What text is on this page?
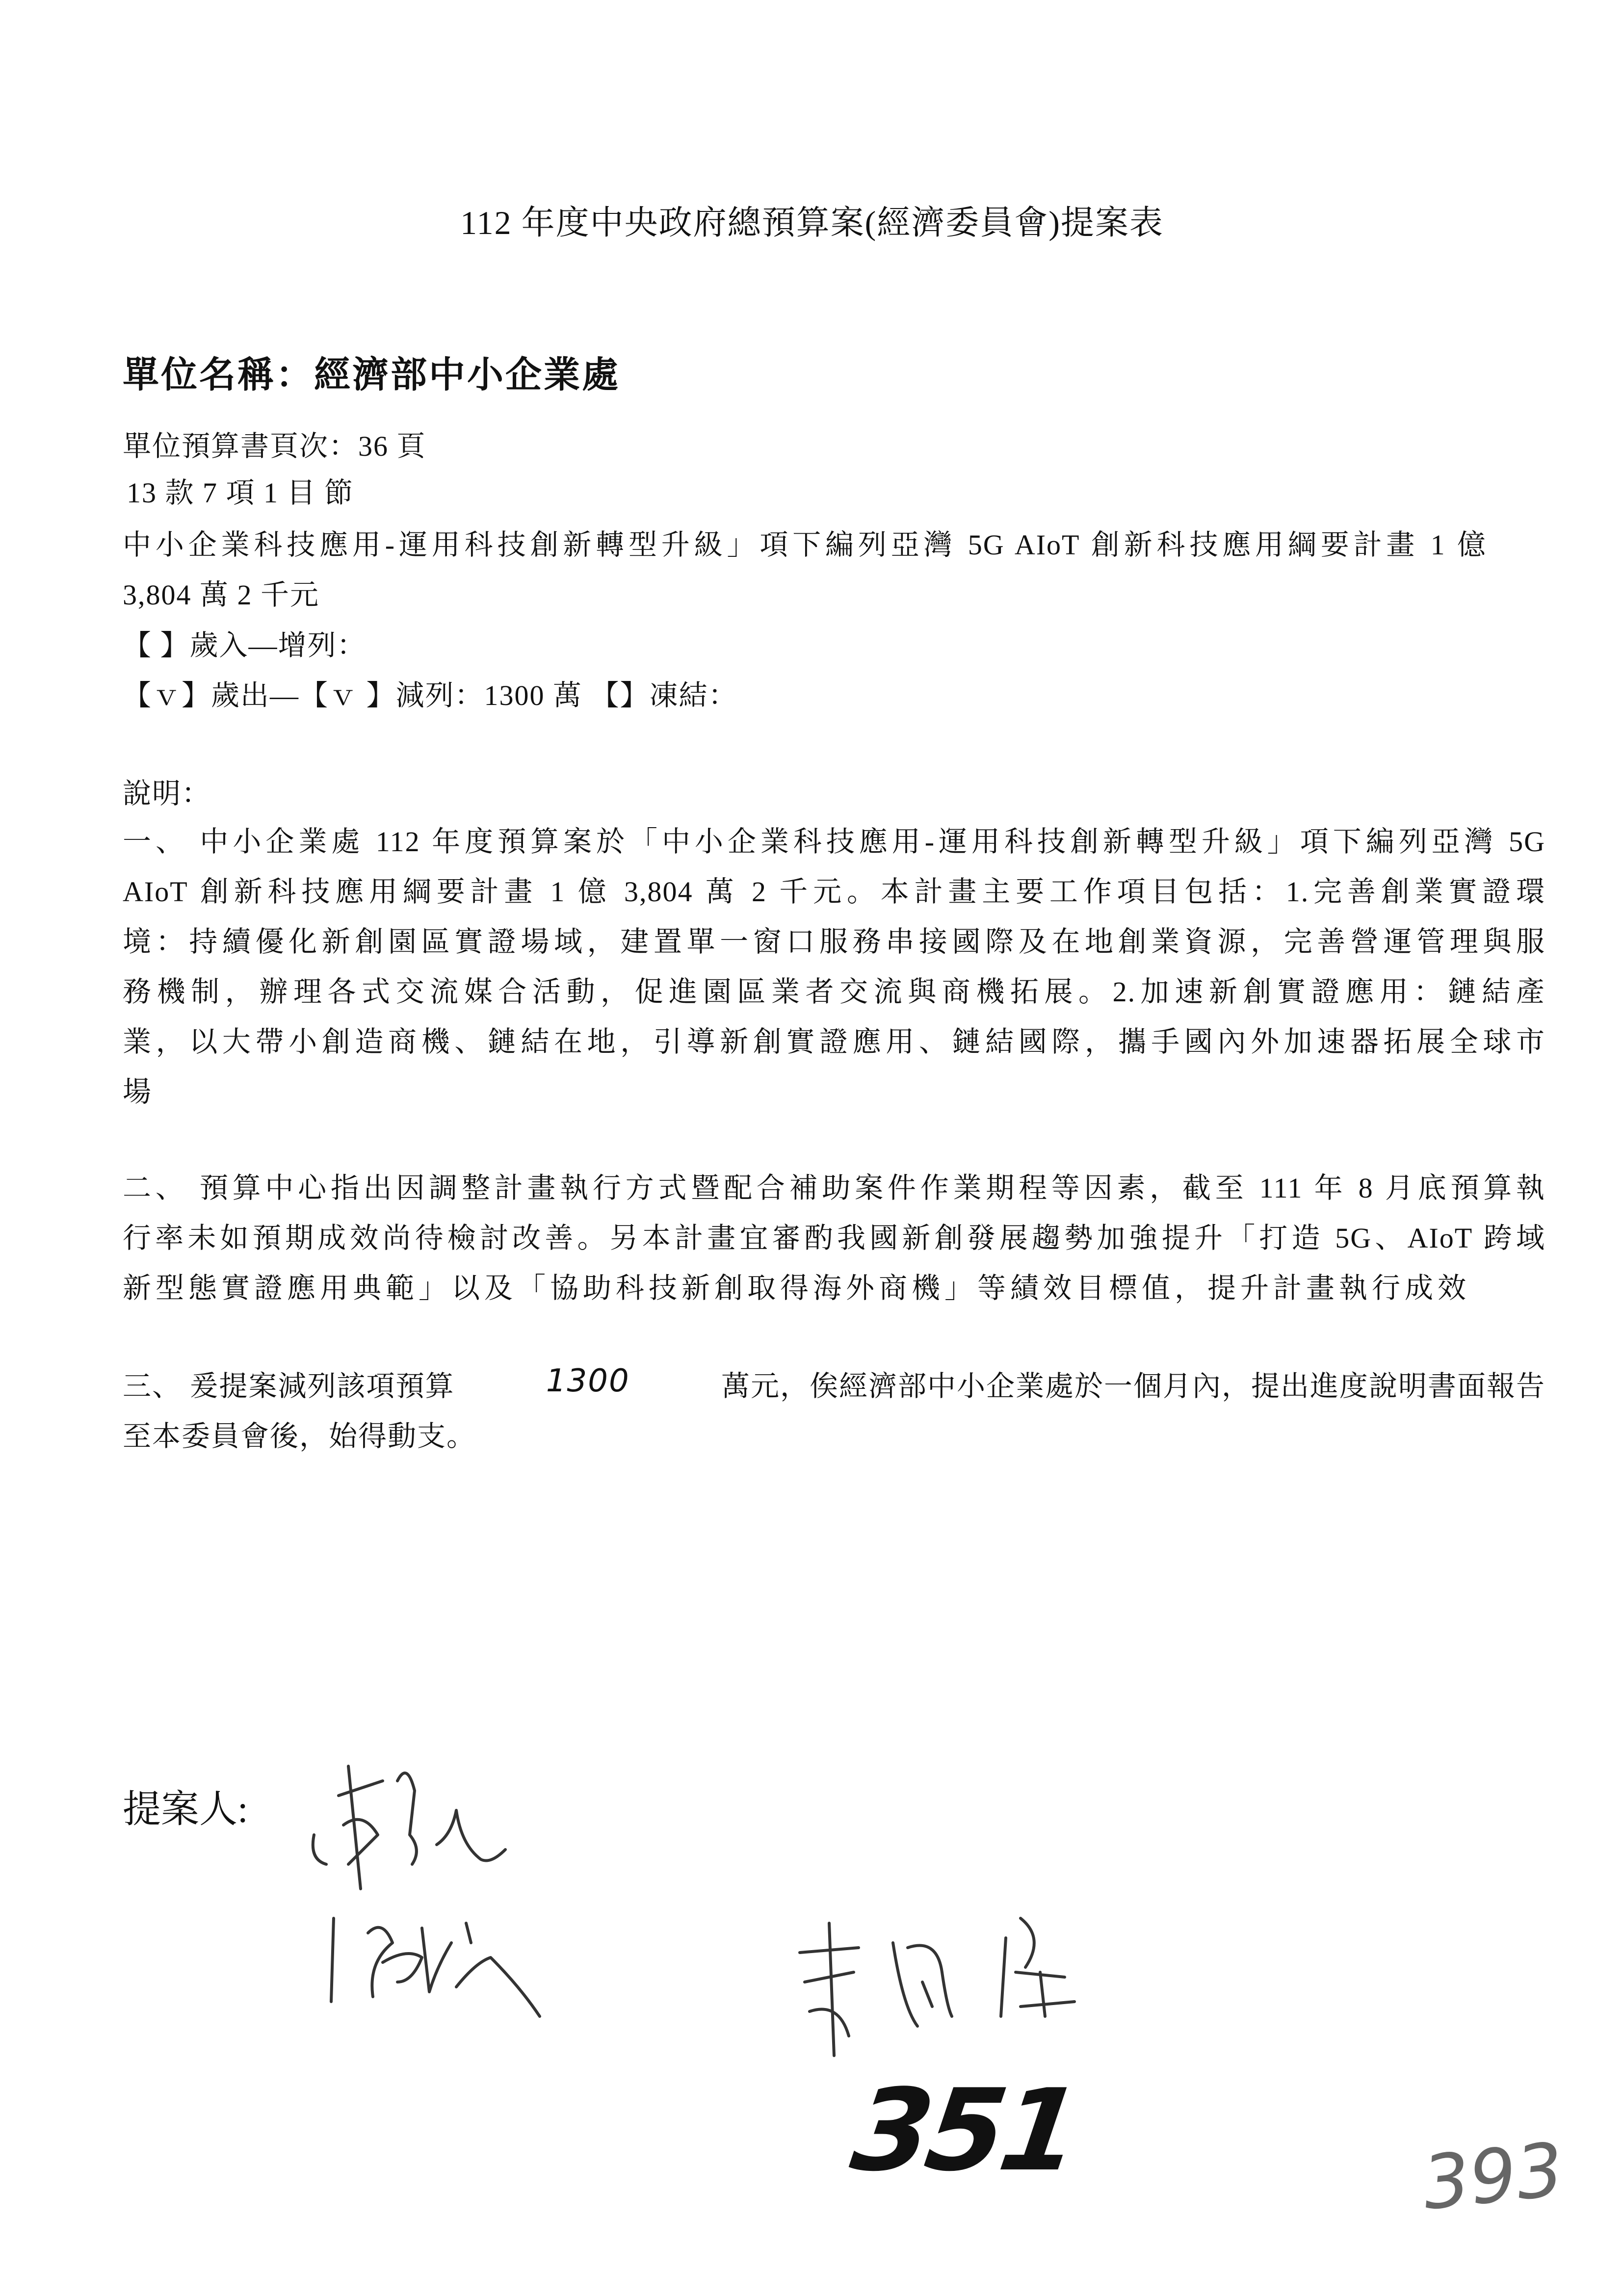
112 年度中央政府總預算案(經濟委員會)提案表
單位名稱：經濟部中小企業處
單位預算書頁次：36 頁
13 款 7 項 1 目 節
中小企業科技應用-運用科技創新轉型升級」項下編列亞灣 5G AIoT 創新科技應用綱要計畫 1 億
3,804 萬 2 千元
【 】歲入—增列：
【ｖ】歲出—【ｖ 】減列：1300 萬 【】凍結：
說明：
一、 中小企業處 112 年度預算案於「中小企業科技應用-運用科技創新轉型升級」項下編列亞灣 5G
AIoT 創新科技應用綱要計畫 1 億 3,804 萬 2 千元。本計畫主要工作項目包括：1.完善創業實證環
境：持續優化新創園區實證場域，建置單一窗口服務串接國際及在地創業資源，完善營運管理與服
務機制，辦理各式交流媒合活動，促進園區業者交流與商機拓展。2.加速新創實證應用：鏈結產
業，以大帶小創造商機、鏈結在地，引導新創實證應用、鏈結國際，攜手國內外加速器拓展全球市
場
二、 預算中心指出因調整計畫執行方式暨配合補助案件作業期程等因素，截至 111 年 8 月底預算執
行率未如預期成效尚待檢討改善。另本計畫宜審酌我國新創發展趨勢加強提升「打造 5G、AIoT 跨域
新型態實證應用典範」以及「協助科技新創取得海外商機」等績效目標值，提升計畫執行成效
三、 爰提案減列該項預算	1300	萬元，俟經濟部中小企業處於一個月內，提出進度說明書面報告
至本委員會後，始得動支。
提案人:
351	393
